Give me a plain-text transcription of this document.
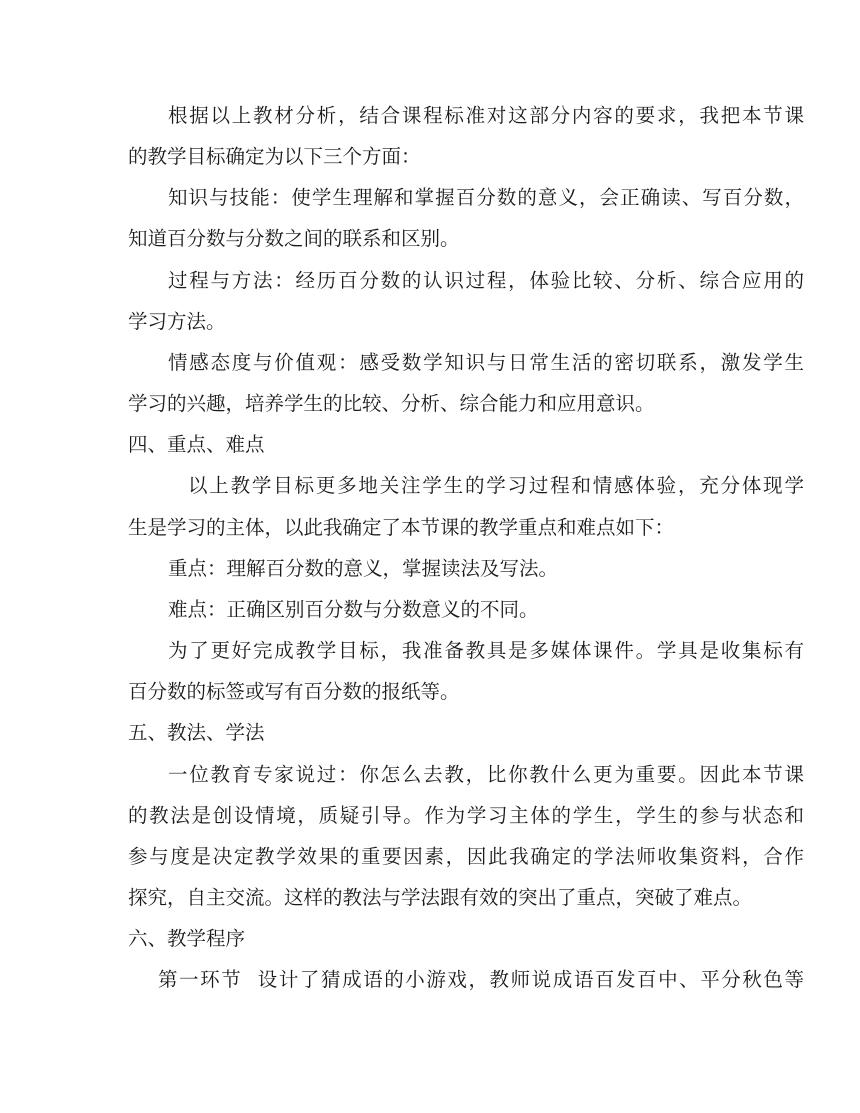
根据以上教材分析，结合课程标准对这部分内容的要求，我把本节课
的教学目标确定为以下三个方面：
知识与技能：使学生理解和掌握百分数的意义，会正确读、写百分数，
知道百分数与分数之间的联系和区别。
过程与方法：经历百分数的认识过程，体验比较、分析、综合应用的
学习方法。
情感态度与价值观：感受数学知识与日常生活的密切联系，激发学生
学习的兴趣，培养学生的比较、分析、综合能力和应用意识。
四、重点、难点
以上教学目标更多地关注学生的学习过程和情感体验，充分体现学
生是学习的主体，以此我确定了本节课的教学重点和难点如下：
重点：理解百分数的意义，掌握读法及写法。
难点：正确区别百分数与分数意义的不同。
为了更好完成教学目标，我准备教具是多媒体课件。学具是收集标有
百分数的标签或写有百分数的报纸等。
五、教法、学法
一位教育专家说过：你怎么去教，比你教什么更为重要。因此本节课
的教法是创设情境，质疑引导。作为学习主体的学生，学生的参与状态和
参与度是决定教学效果的重要因素，因此我确定的学法师收集资料，合作
探究，自主交流。这样的教法与学法跟有效的突出了重点，突破了难点。
六、教学程序
第一环节  设计了猜成语的小游戏，教师说成语百发百中、平分秋色等
